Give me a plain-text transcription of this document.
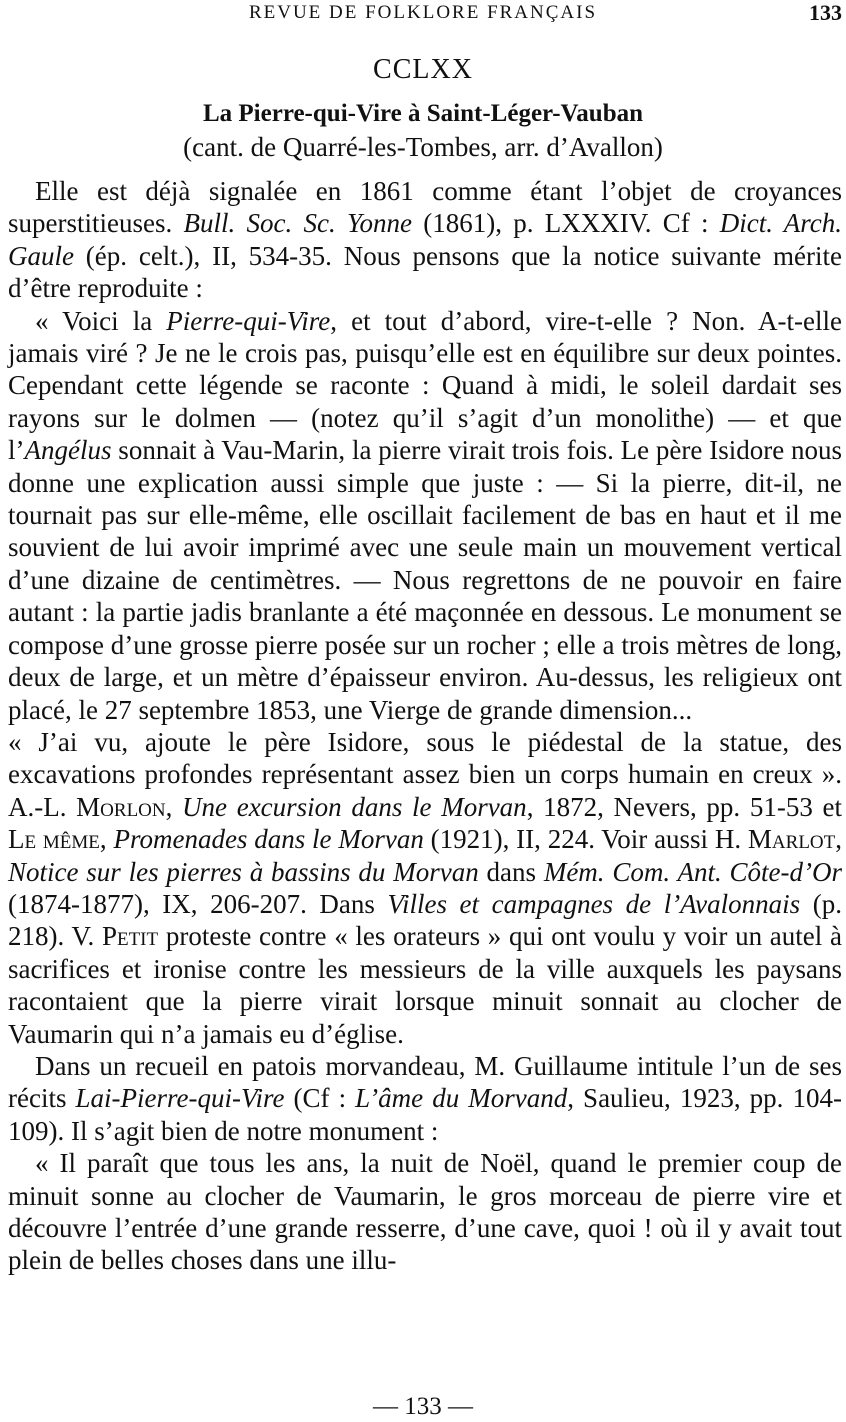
REVUE DE FOLKLORE FRANÇAIS	133
CCLXX
La Pierre-qui-Vire à Saint-Léger-Vauban
(cant. de Quarré-les-Tombes, arr. d’Avallon)

Elle est déjà signalée en 1861 comme étant l’objet de croyances superstitieuses. Bull. Soc. Sc. Yonne (1861), p. LXXXIV. Cf : Dict. Arch. Gaule (ép. celt.), II, 534-35. Nous pensons que la notice suivante mérite d’être reproduite :

« Voici la Pierre-qui-Vire, et tout d’abord, vire-t-elle ? Non. A-t-elle jamais viré ? Je ne le crois pas, puisqu’elle est en équilibre sur deux pointes. Cependant cette légende se raconte : Quand à midi, le soleil dardait ses rayons sur le dolmen — (notez qu’il s’agit d’un monolithe) — et que l’Angélus sonnait à Vau-Marin, la pierre virait trois fois. Le père Isidore nous donne une explication aussi simple que juste : — Si la pierre, dit-il, ne tournait pas sur elle-même, elle oscillait facilement de bas en haut et il me souvient de lui avoir imprimé avec une seule main un mouvement vertical d’une dizaine de centimètres. — Nous regrettons de ne pouvoir en faire autant : la partie jadis branlante a été maçonnée en dessous. Le monument se compose d’une grosse pierre posée sur un rocher ; elle a trois mètres de long, deux de large, et un mètre d’épaisseur environ. Au-dessus, les religieux ont placé, le 27 septembre 1853, une Vierge de grande dimension...

« J’ai vu, ajoute le père Isidore, sous le piédestal de la statue, des excavations profondes représentant assez bien un corps humain en creux ». A.-L. Morlon, Une excursion dans le Morvan, 1872, Nevers, pp. 51-53 et Le même, Promenades dans le Morvan (1921), II, 224. Voir aussi H. Marlot, Notice sur les pierres à bassins du Morvan dans Mém. Com. Ant. Côte-d’Or (1874-1877), IX, 206-207. Dans Villes et campagnes de l’Avalonnais (p. 218). V. Petit proteste contre « les orateurs » qui ont voulu y voir un autel à sacrifices et ironise contre les messieurs de la ville auxquels les paysans racontaient que la pierre virait lorsque minuit sonnait au clocher de Vaumarin qui n’a jamais eu d’église.

Dans un recueil en patois morvandeau, M. Guillaume intitule l’un de ses récits Lai-Pierre-qui-Vire (Cf : L’âme du Morvand, Saulieu, 1923, pp. 104-109). Il s’agit bien de notre monument :

« Il paraît que tous les ans, la nuit de Noël, quand le premier coup de minuit sonne au clocher de Vaumarin, le gros morceau de pierre vire et découvre l’entrée d’une grande resserre, d’une cave, quoi ! où il y avait tout plein de belles choses dans une illu-

— 133 —
